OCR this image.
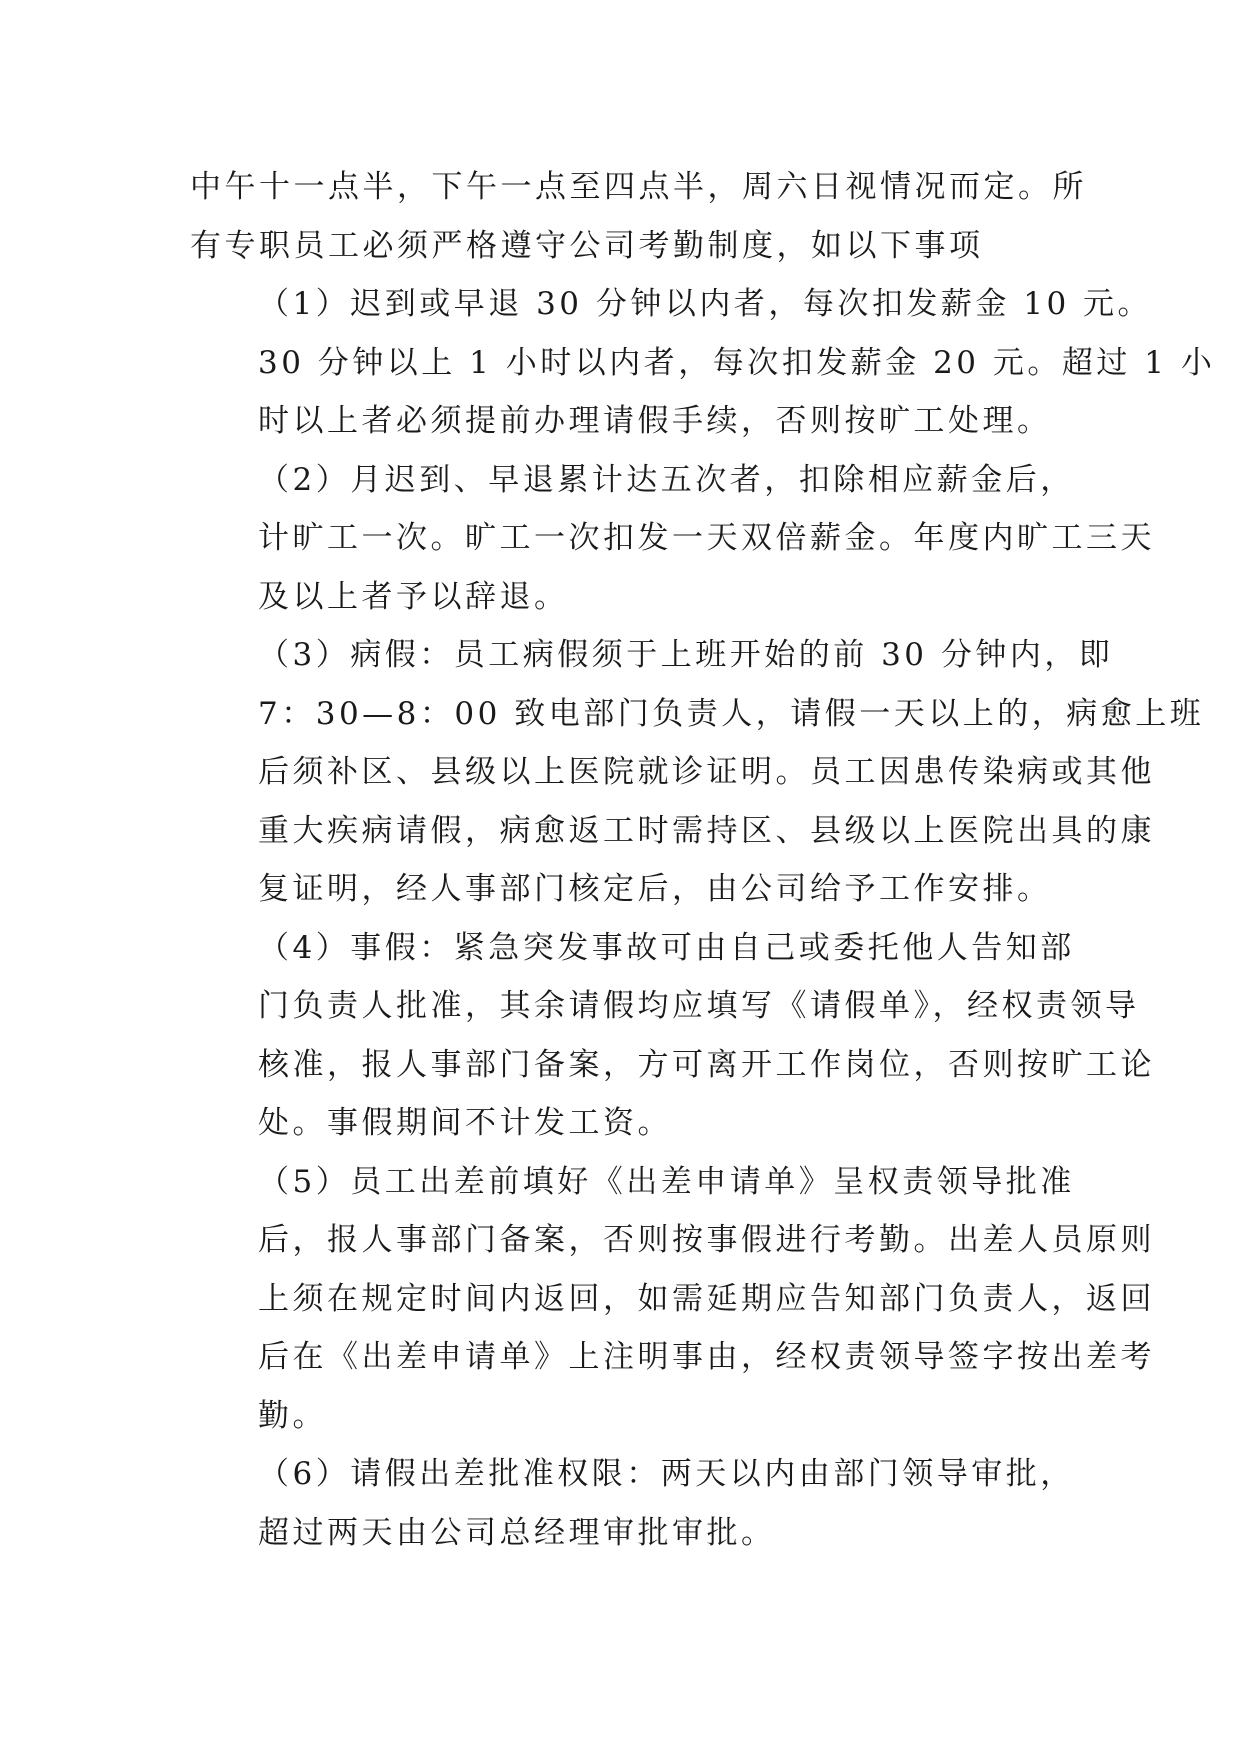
中午十一点半，下午一点至四点半，周六日视情况而定。所
有专职员工必须严格遵守公司考勤制度，如以下事项

（1）迟到或早退 30 分钟以内者，每次扣发薪金 10 元。
30 分钟以上 1 小时以内者，每次扣发薪金 20 元。超过 1 小
时以上者必须提前办理请假手续，否则按旷工处理。

（2）月迟到、早退累计达五次者，扣除相应薪金后，
计旷工一次。旷工一次扣发一天双倍薪金。年度内旷工三天
及以上者予以辞退。

（3）病假：员工病假须于上班开始的前 30 分钟内，即
7：30—8：00 致电部门负责人，请假一天以上的，病愈上班
后须补区、县级以上医院就诊证明。员工因患传染病或其他
重大疾病请假，病愈返工时需持区、县级以上医院出具的康
复证明，经人事部门核定后，由公司给予工作安排。

（4）事假：紧急突发事故可由自己或委托他人告知部
门负责人批准，其余请假均应填写《请假单》，经权责领导
核准，报人事部门备案，方可离开工作岗位，否则按旷工论
处。事假期间不计发工资。

（5）员工出差前填好《出差申请单》呈权责领导批准
后，报人事部门备案，否则按事假进行考勤。出差人员原则
上须在规定时间内返回，如需延期应告知部门负责人，返回
后在《出差申请单》上注明事由，经权责领导签字按出差考
勤。

（6）请假出差批准权限：两天以内由部门领导审批，
超过两天由公司总经理审批审批。
